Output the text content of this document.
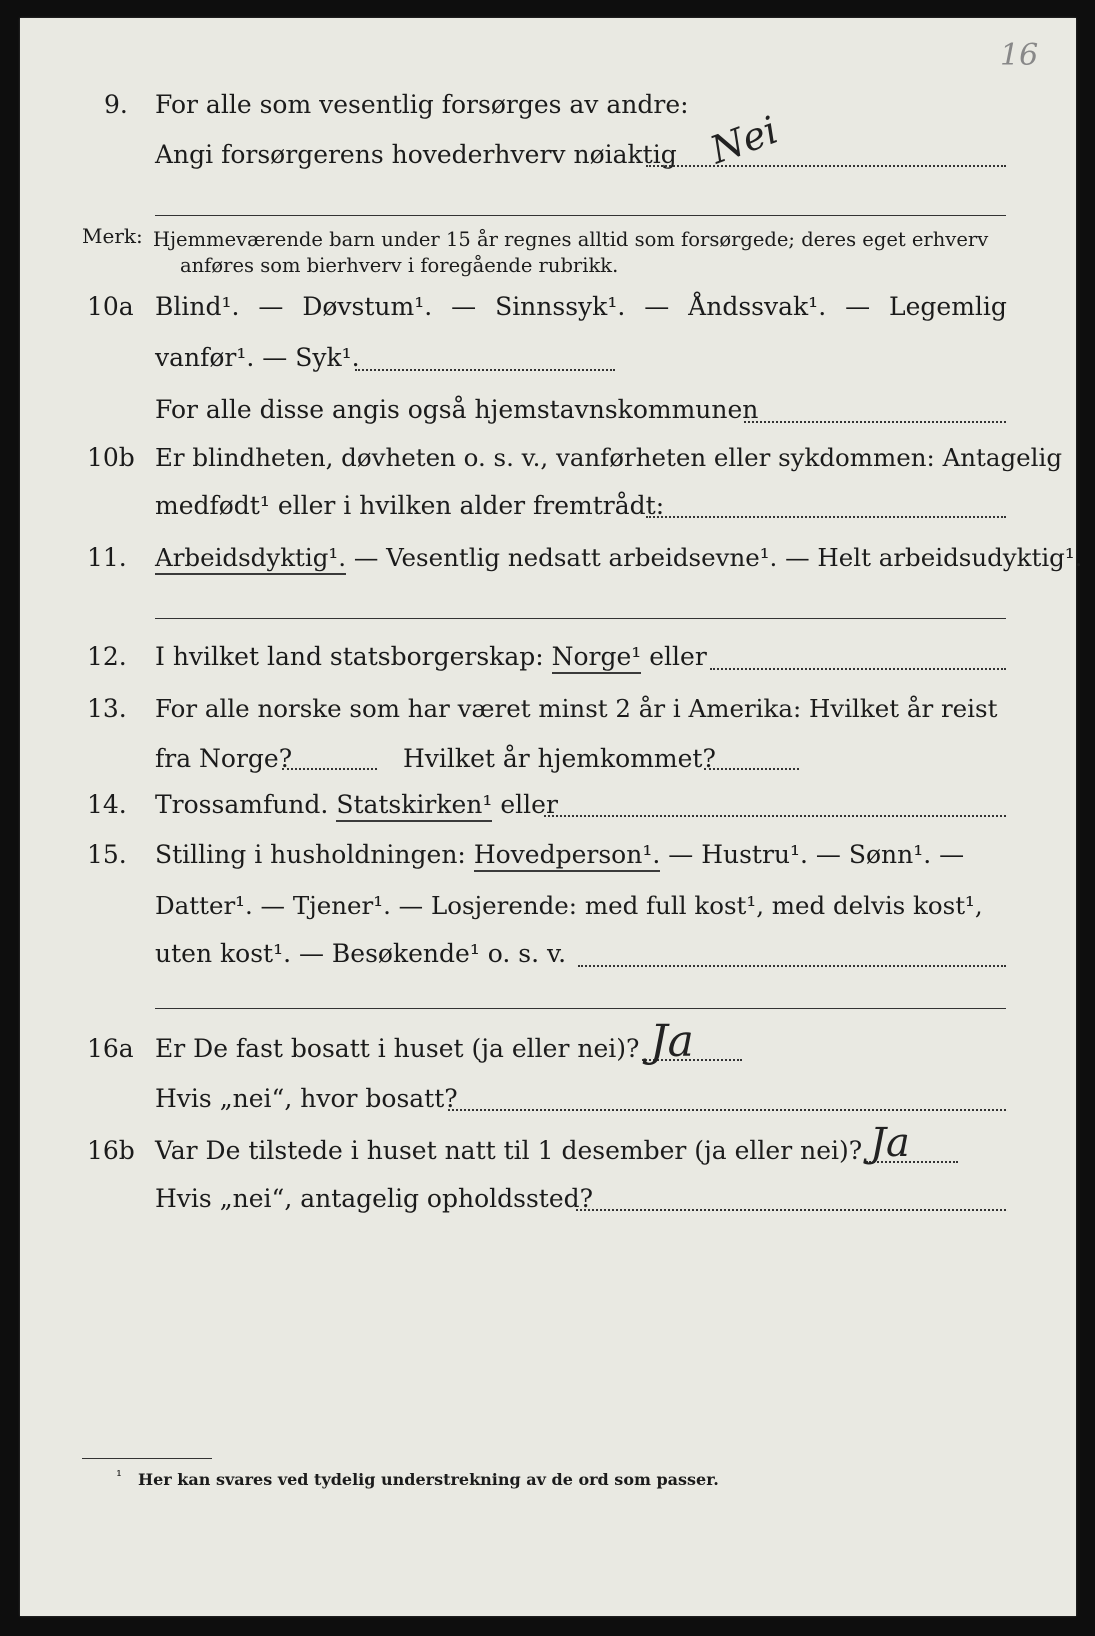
16
9. For alle som vesentlig forsørges av andre:
Angi forsørgerens hovederhverv nøiaktig Nei
Merk: Hjemmeværende barn under 15 år regnes alltid som forsørgede; deres eget erhverv
anføres som bierhverv i foregående rubrikk.
10a Blind¹. — Døvstum¹. — Sinnssyk¹. — Åndssvak¹. — Legemlig
vanfør¹. — Syk¹.
For alle disse angis også hjemstavnskommunen
10b Er blindheten, døvheten o. s. v., vanførheten eller sykdommen: Antagelig
medfødt¹ eller i hvilken alder fremtrådt:
11. Arbeidsdyktig¹. — Vesentlig nedsatt arbeidsevne¹. — Helt arbeidsudyktig¹.
12. I hvilket land statsborgerskap: Norge¹ eller
13. For alle norske som har været minst 2 år i Amerika: Hvilket år reist
fra Norge?	Hvilket år hjemkommet?
14. Trossamfund. Statskirken¹ eller
15. Stilling i husholdningen: Hovedperson¹. — Hustru¹. — Sønn¹. —
Datter¹. — Tjener¹. — Losjerende: med full kost¹, med delvis kost¹,
uten kost¹. — Besøkende¹ o. s. v.
16a Er De fast bosatt i huset (ja eller nei)? Ja
Hvis „nei“, hvor bosatt?
16b Var De tilstede i huset natt til 1 desember (ja eller nei)? Ja
Hvis „nei“, antagelig opholdssted?
¹ Her kan svares ved tydelig understrekning av de ord som passer.
